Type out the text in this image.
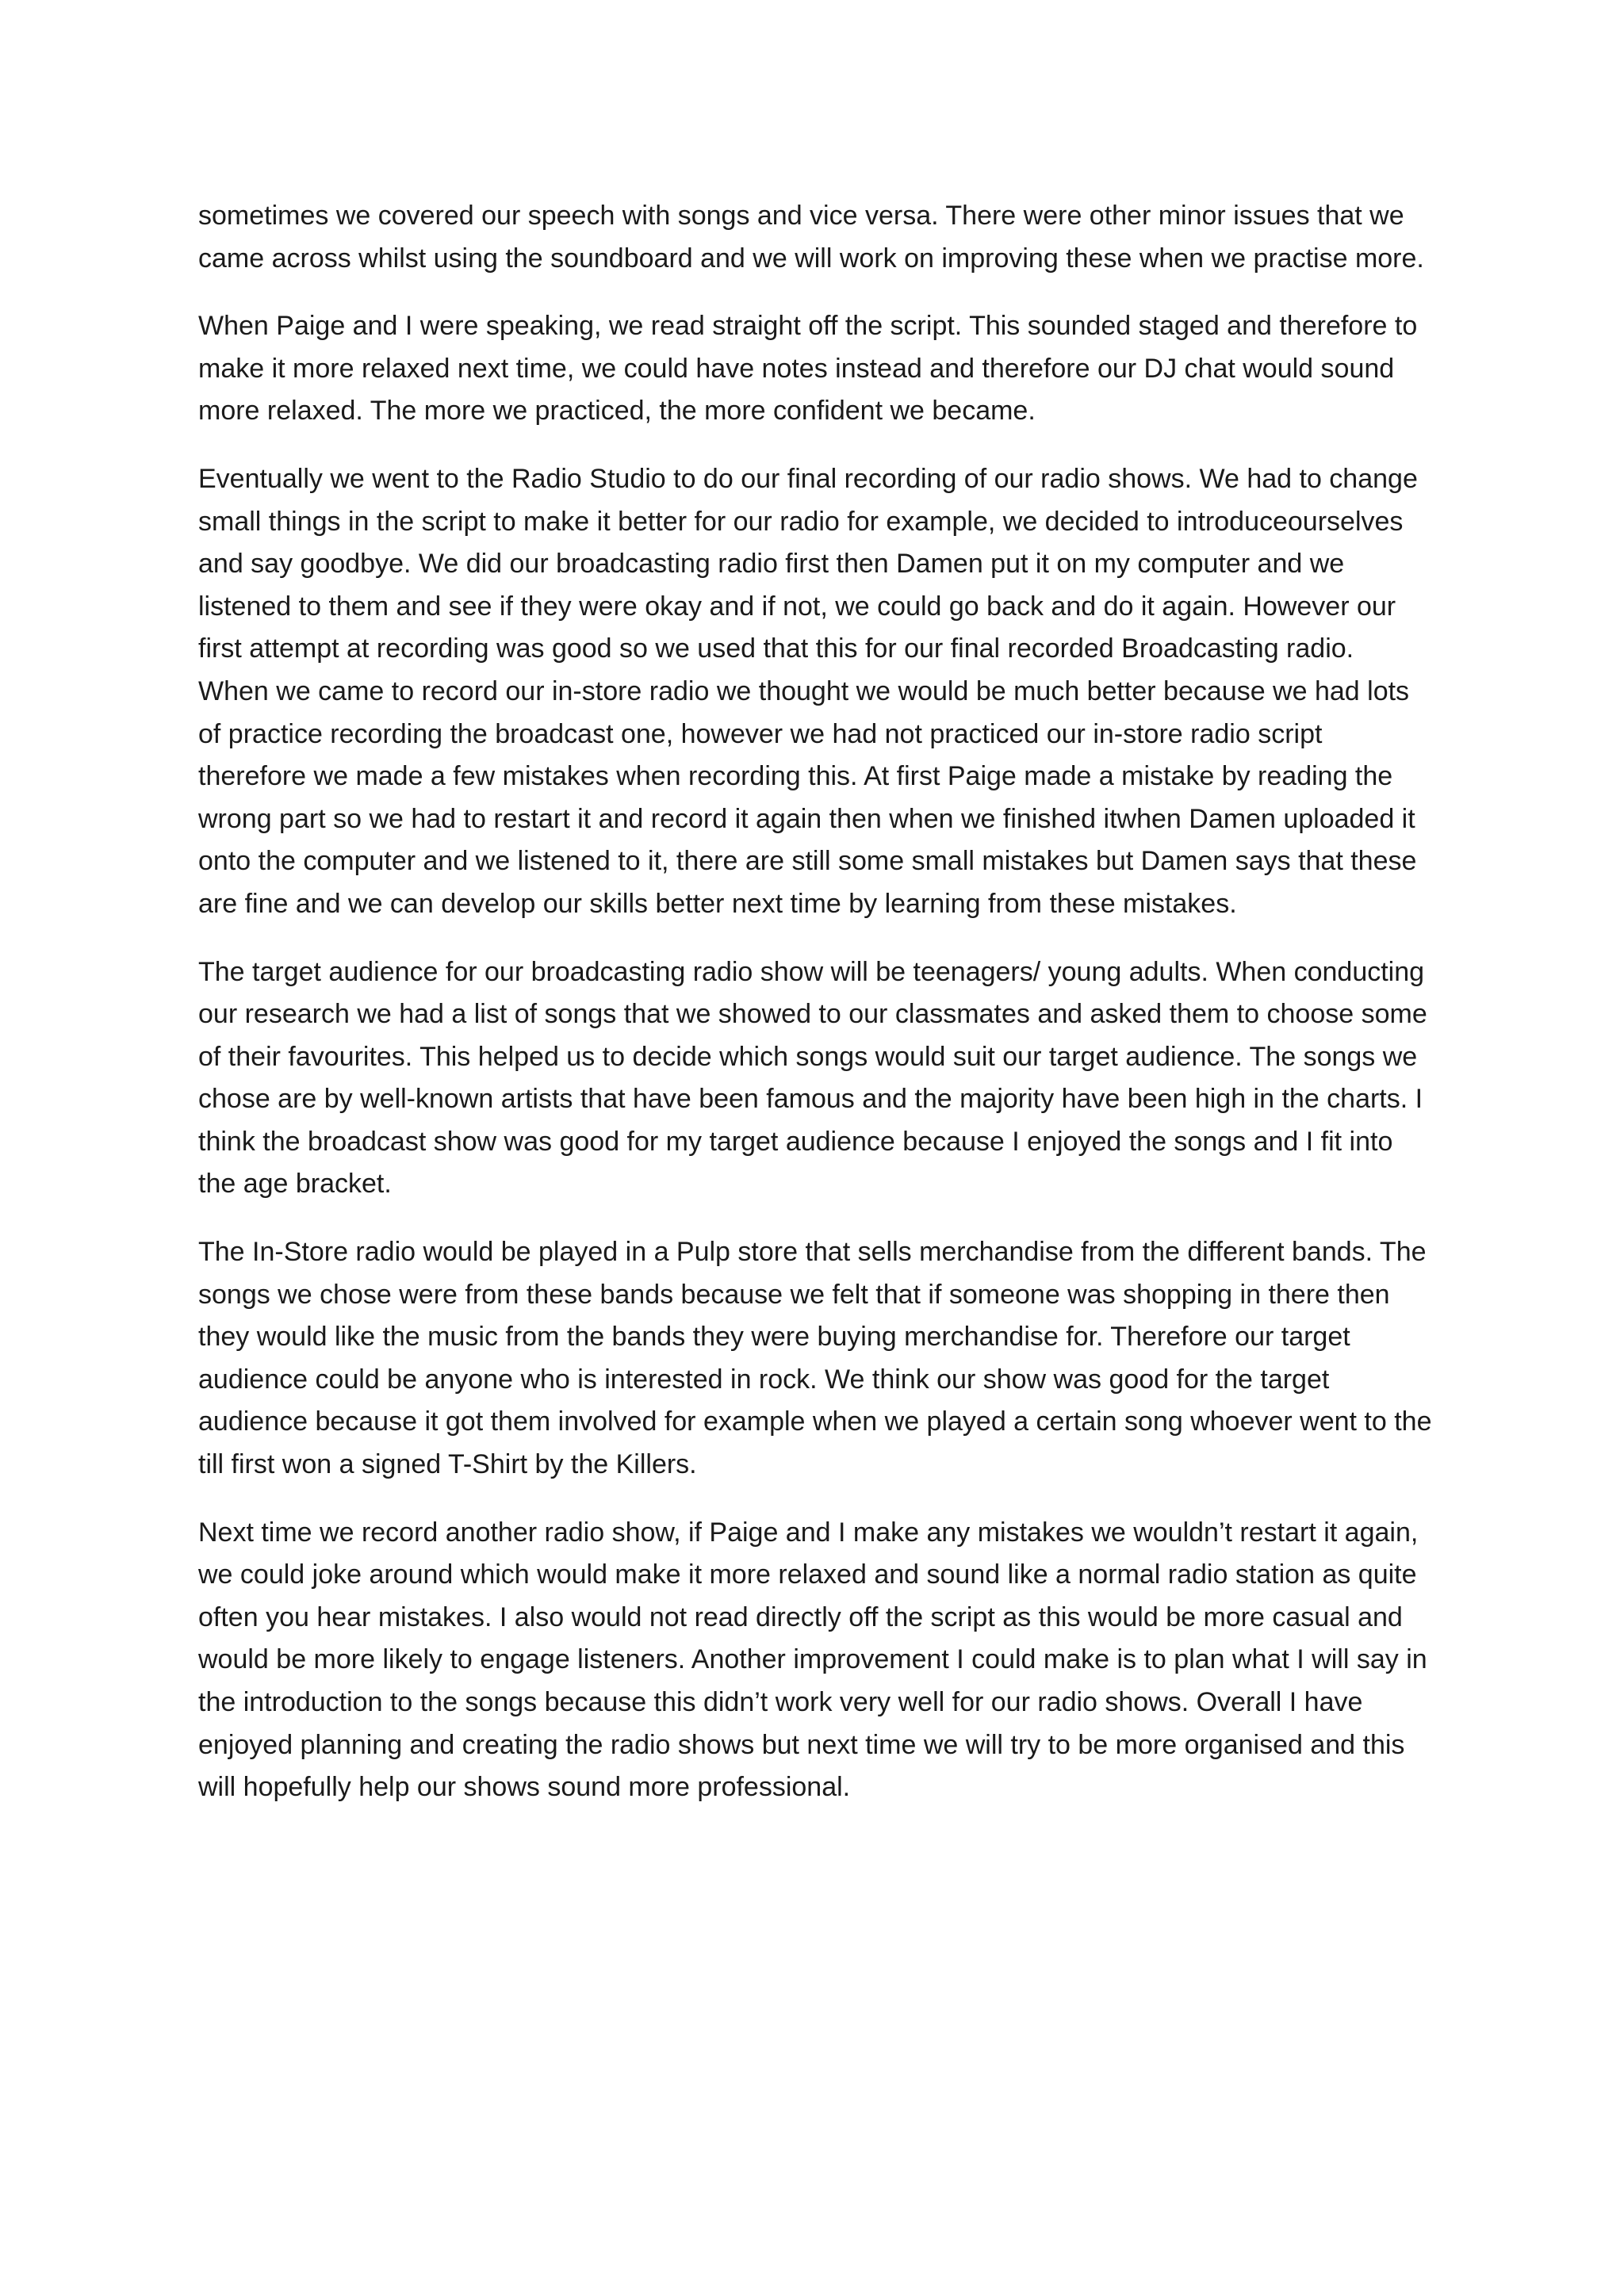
sometimes we covered our speech with songs and vice versa. There were other minor issues that we came across whilst using the soundboard and we will work on improving these when we practise more.

When Paige and I were speaking, we read straight off the script. This sounded staged and therefore to make it more relaxed next time, we could have notes instead and therefore our DJ chat would sound more relaxed. The more we practiced, the more confident we became.

Eventually we went to the Radio Studio to do our final recording of our radio shows. We had to change small things in the script to make it better for our radio for example, we decided to introduceourselves and say goodbye. We did our broadcasting radio first then Damen put it on my computer and we listened to them and see if they were okay and if not, we could go back and do it again. However our first attempt at recording was good so we used that this for our final recorded Broadcasting radio.  When we came to record our in-store radio we thought we would be much better because we had lots of practice recording the broadcast one, however we had not practiced our in-store radio script therefore we made a few mistakes when recording this. At first Paige made a mistake by reading the wrong part so we had to restart it and record it again then when we finished itwhen Damen uploaded it onto the computer and we listened to it, there are still some small mistakes but Damen says that these are fine and we can develop our skills better next time by learning from these mistakes.

The target audience for our broadcasting radio show will be teenagers/ young adults. When conducting our research we had a list of songs that we showed to our classmates and asked them to choose some of their favourites. This helped us to decide which songs would suit our target audience. The songs we chose are by well-known artists that have been famous and the majority have been high in the charts. I think the broadcast show was good for my target audience because I enjoyed the songs and I fit into the age bracket.

The In-Store radio would be played in a Pulp store that sells merchandise from the different bands. The songs we chose were from these bands because we felt that if someone was shopping in there then they would like the music from the bands they were buying merchandise for. Therefore our target audience could be anyone who is interested in rock. We think our show was good for the target audience because it got them involved for example when we played a certain song whoever went to the till first won a signed T-Shirt by the Killers.

Next time we record another radio show, if Paige and I make any mistakes we wouldn’t restart it again, we could joke around which would make it more relaxed and sound like a normal radio station as quite often you hear mistakes. I also would not read directly off the script as this would be more casual and would be more likely to engage listeners. Another improvement I could make is to plan what I will say in the introduction to the songs because this didn’t work very well for our radio shows. Overall I have enjoyed planning and creating the radio shows but next time we will try to be more organised and this will hopefully help our shows sound more professional.
